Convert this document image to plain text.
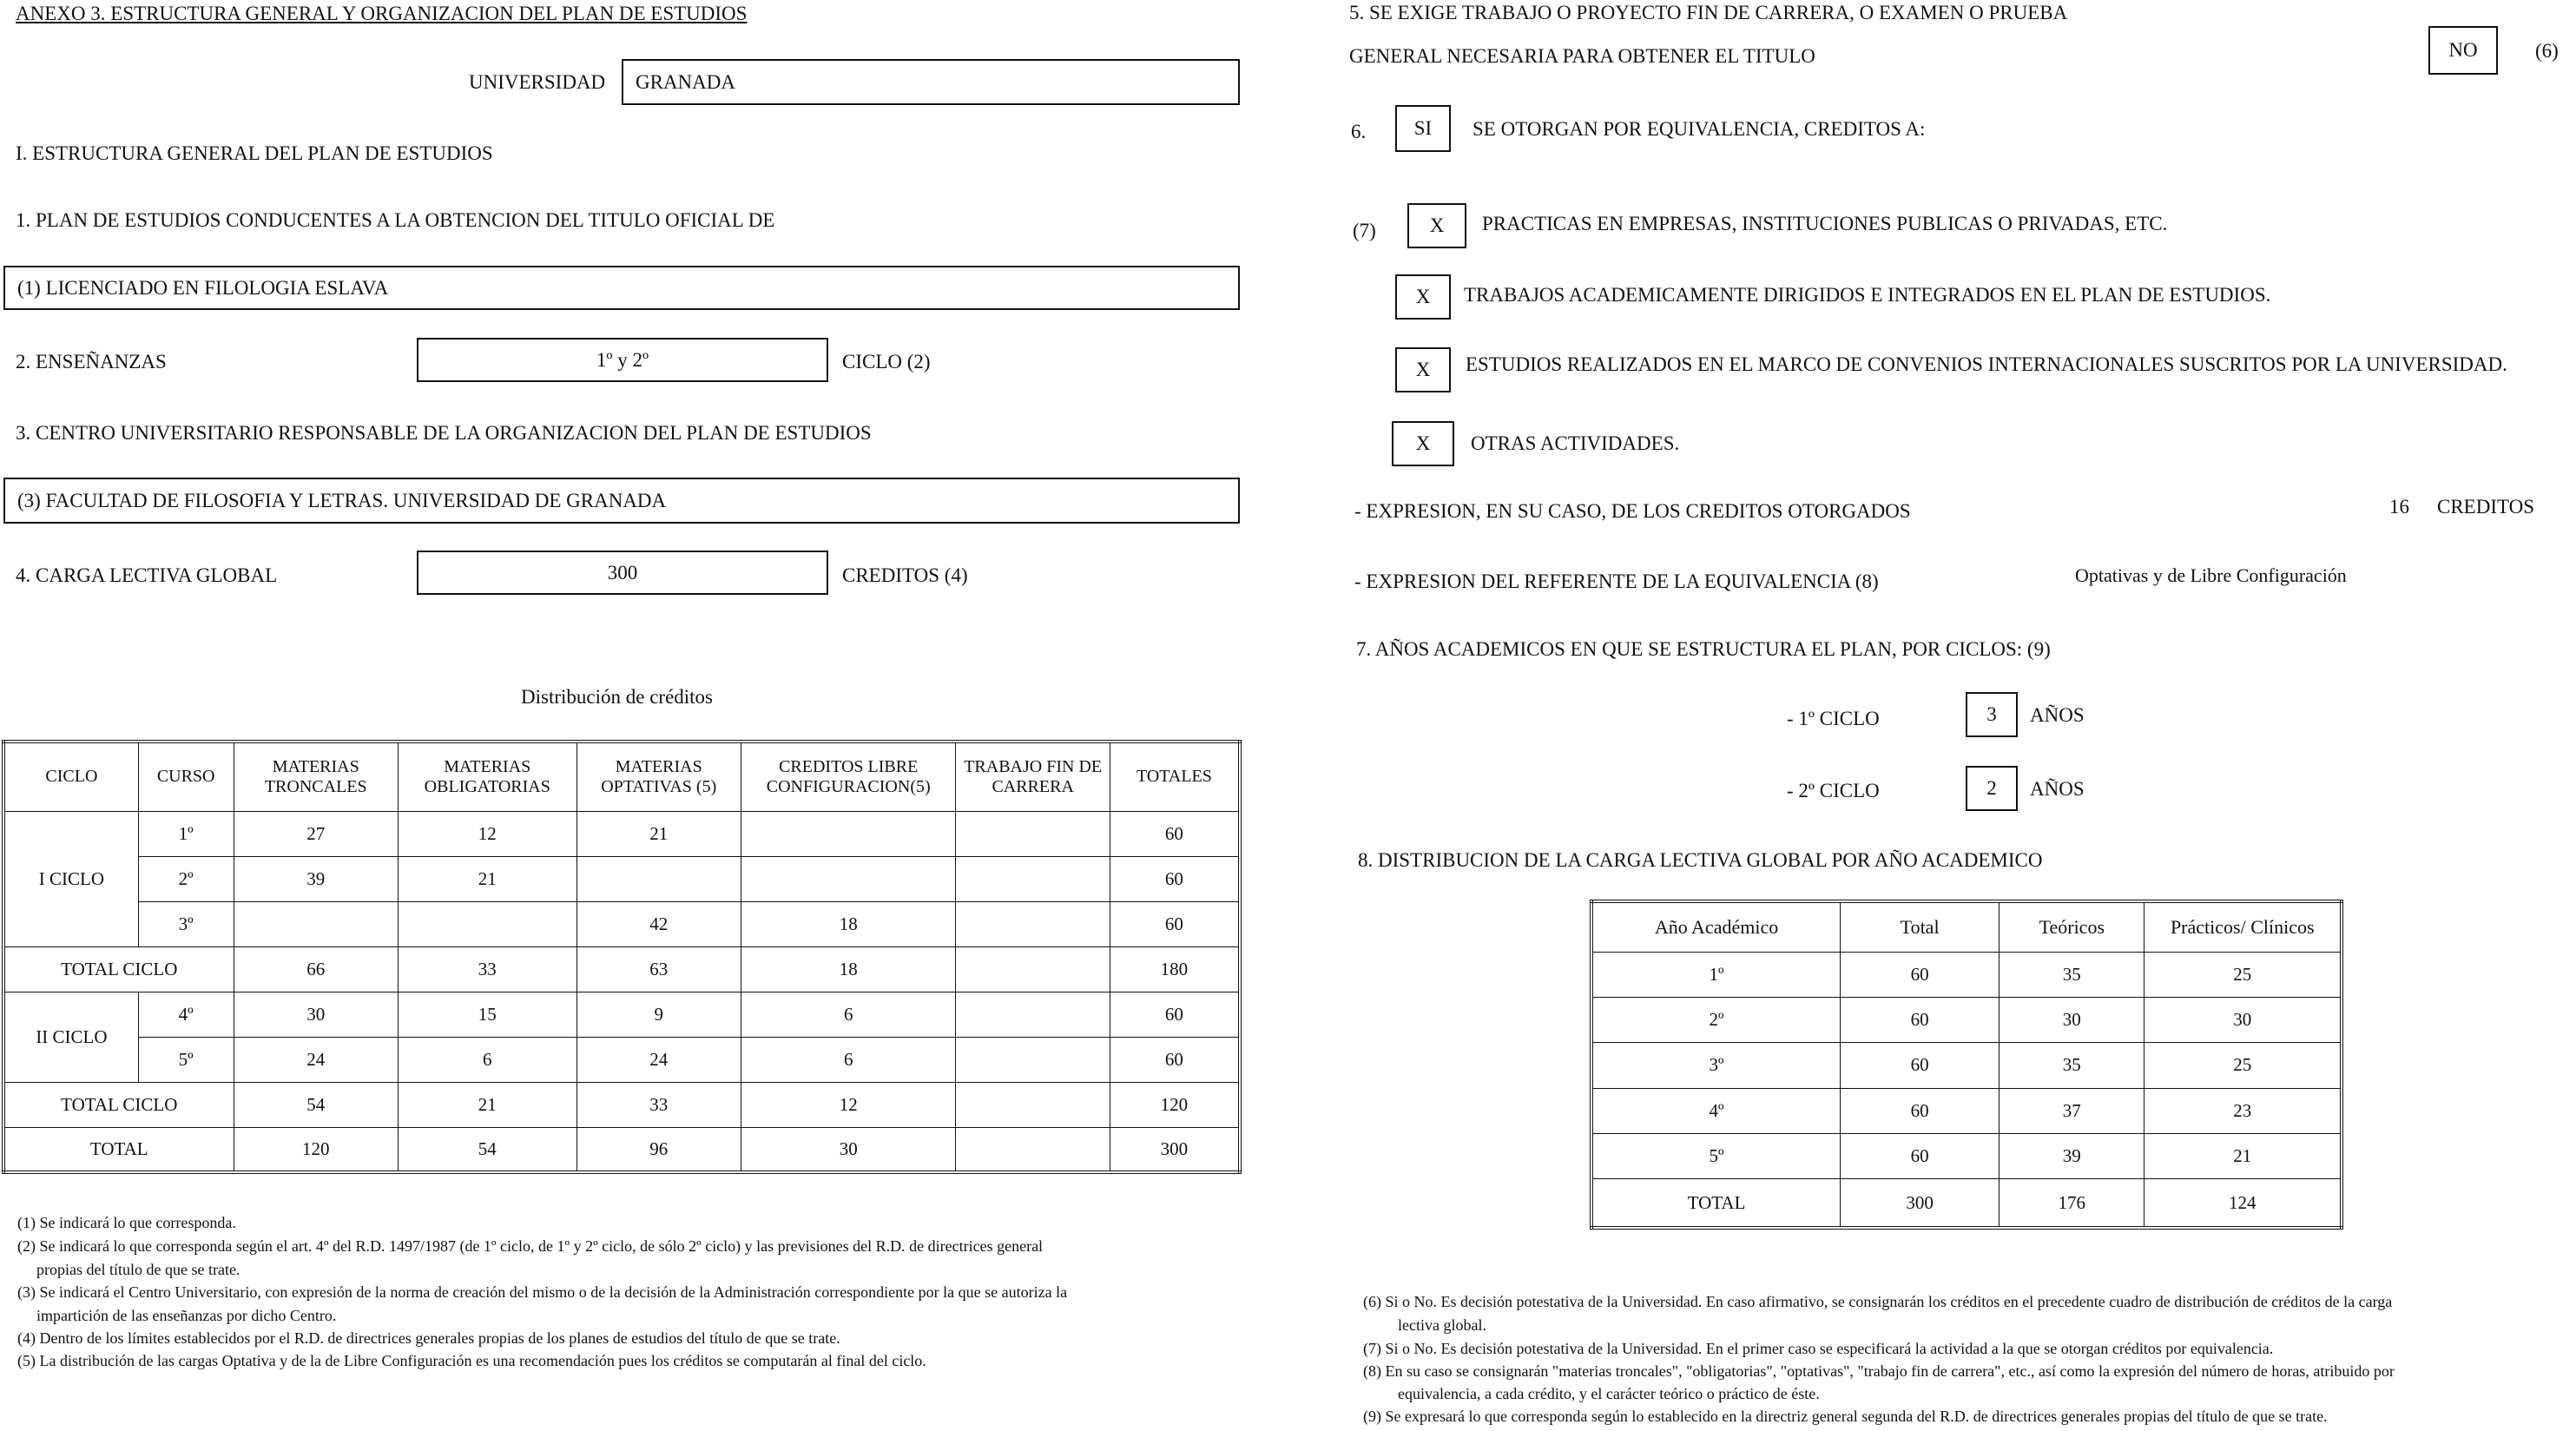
ANEXO 3. ESTRUCTURA GENERAL Y ORGANIZACION DEL PLAN DE ESTUDIOS
UNIVERSIDAD GRANADA
I. ESTRUCTURA GENERAL DEL PLAN DE ESTUDIOS
1. PLAN DE ESTUDIOS CONDUCENTES A LA OBTENCION DEL TITULO OFICIAL DE
(1) LICENCIADO EN FILOLOGIA ESLAVA
2. ENSEÑANZAS	1º y 2º	CICLO (2)
3. CENTRO UNIVERSITARIO RESPONSABLE DE LA ORGANIZACION DEL PLAN DE ESTUDIOS
(3) FACULTAD DE FILOSOFIA Y LETRAS. UNIVERSIDAD DE GRANADA
4. CARGA LECTIVA GLOBAL	300	CREDITOS (4)
Distribución de créditos
CICLO	CURSO	MATERIAS TRONCALES	MATERIAS OBLIGATORIAS	MATERIAS OPTATIVAS (5)	CREDITOS LIBRE CONFIGURACION(5)	TRABAJO FIN DE CARRERA	TOTALES
I CICLO	1º	27	12	21			60
	2º	39	21				60
	3º			42	18		60
TOTAL CICLO		66	33	63	18		180
II CICLO	4º	30	15	9	6		60
	5º	24	6	24	6		60
TOTAL CICLO		54	21	33	12		120
TOTAL		120	54	96	30		300
(1) Se indicará lo que corresponda.
(2) Se indicará lo que corresponda según el art. 4º del R.D. 1497/1987 (de 1º ciclo, de 1º y 2º ciclo, de sólo 2º ciclo) y las previsiones del R.D. de directrices general
propias del título de que se trate.
(3) Se indicará el Centro Universitario, con expresión de la norma de creación del mismo o de la decisión de la Administración correspondiente por la que se autoriza la
impartición de las enseñanzas por dicho Centro.
(4) Dentro de los límites establecidos por el R.D. de directrices generales propias de los planes de estudios del título de que se trate.
(5) La distribución de las cargas Optativa y de la de Libre Configuración es una recomendación pues los créditos se computarán al final del ciclo.
5. SE EXIGE TRABAJO O PROYECTO FIN DE CARRERA, O EXAMEN O PRUEBA
GENERAL NECESARIA PARA OBTENER EL TITULO	NO	(6)
6. SI SE OTORGAN POR EQUIVALENCIA, CREDITOS A:
(7)	X PRACTICAS EN EMPRESAS, INSTITUCIONES PUBLICAS O PRIVADAS, ETC.
X TRABAJOS ACADEMICAMENTE DIRIGIDOS E INTEGRADOS EN EL PLAN DE ESTUDIOS.
X ESTUDIOS REALIZADOS EN EL MARCO DE CONVENIOS INTERNACIONALES SUSCRITOS POR LA UNIVERSIDAD.
X OTRAS ACTIVIDADES.
- EXPRESION, EN SU CASO, DE LOS CREDITOS OTORGADOS	16 CREDITOS
- EXPRESION DEL REFERENTE DE LA EQUIVALENCIA (8)	Optativas y de Libre Configuración
7. AÑOS ACADEMICOS EN QUE SE ESTRUCTURA EL PLAN, POR CICLOS: (9)
- 1º CICLO	3 AÑOS
- 2º CICLO	2 AÑOS
8. DISTRIBUCION DE LA CARGA LECTIVA GLOBAL POR AÑO ACADEMICO
Año Académico	Total	Teóricos	Prácticos/ Clínicos
1º	60	35	25
2º	60	30	30
3º	60	35	25
4º	60	37	23
5º	60	39	21
TOTAL	300	176	124
(6) Si o No. Es decisión potestativa de la Universidad. En caso afirmativo, se consignarán los créditos en el precedente cuadro de distribución de créditos de la carga
lectiva global.
(7) Si o No. Es decisión potestativa de la Universidad. En el primer caso se especificará la actividad a la que se otorgan créditos por equivalencia.
(8) En su caso se consignarán "materias troncales", "obligatorias", "optativas", "trabajo fin de carrera", etc., así como la expresión del número de horas, atribuido por
equivalencia, a cada crédito, y el carácter teórico o práctico de éste.
(9) Se expresará lo que corresponda según lo establecido en la directriz general segunda del R.D. de directrices generales propias del título de que se trate.
